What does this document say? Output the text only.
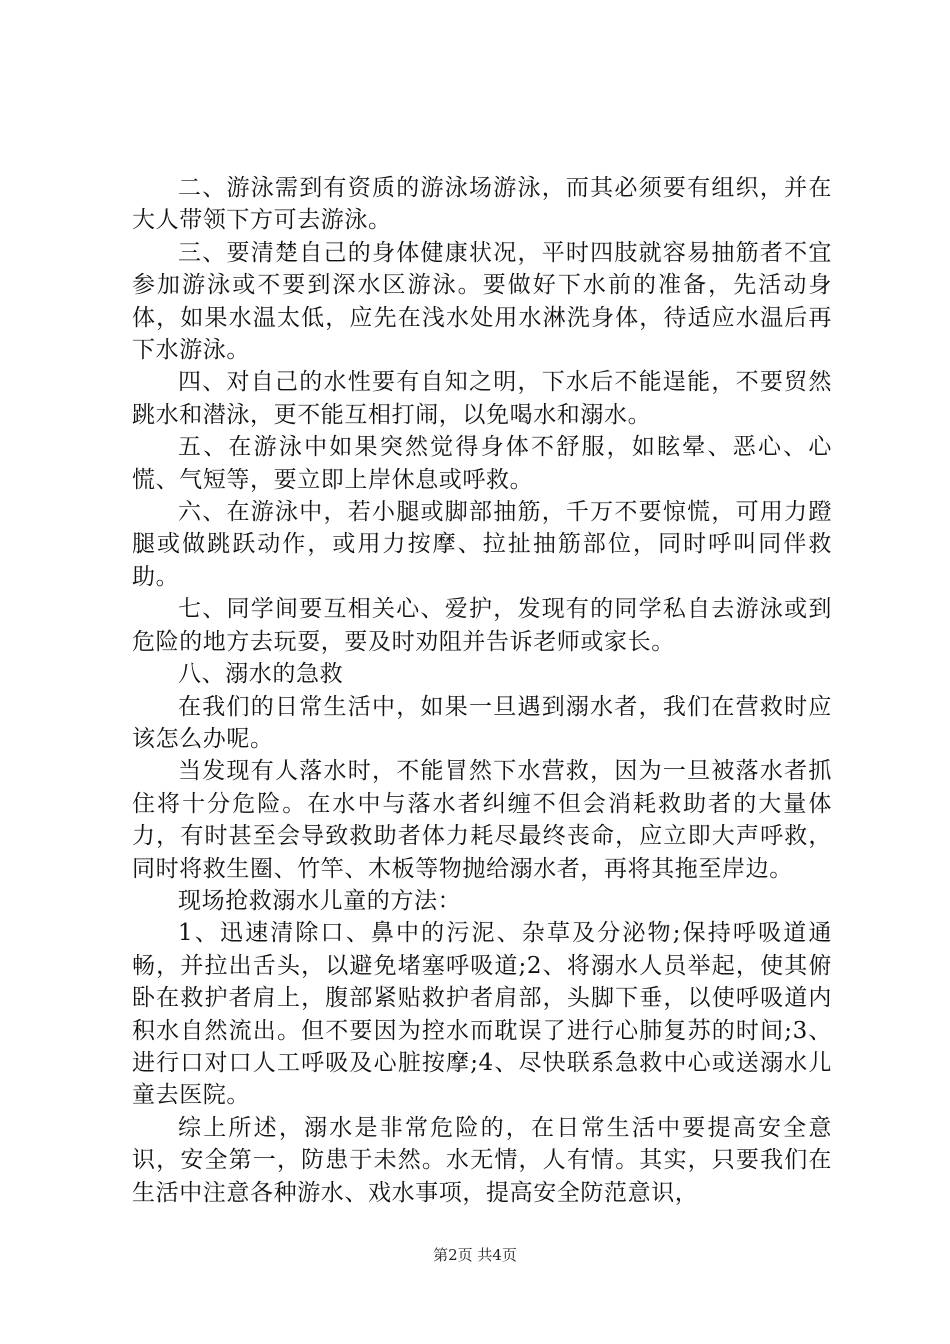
二、游泳需到有资质的游泳场游泳，而其必须要有组织，并在大人带领下方可去游泳。

三、要清楚自己的身体健康状况，平时四肢就容易抽筋者不宜参加游泳或不要到深水区游泳。要做好下水前的准备，先活动身体，如果水温太低，应先在浅水处用水淋洗身体，待适应水温后再下水游泳。

四、对自己的水性要有自知之明，下水后不能逞能，不要贸然跳水和潜泳，更不能互相打闹，以免喝水和溺水。

五、在游泳中如果突然觉得身体不舒服，如眩晕、恶心、心慌、气短等，要立即上岸休息或呼救。

六、在游泳中，若小腿或脚部抽筋，千万不要惊慌，可用力蹬腿或做跳跃动作，或用力按摩、拉扯抽筋部位，同时呼叫同伴救助。

七、同学间要互相关心、爱护，发现有的同学私自去游泳或到危险的地方去玩耍，要及时劝阻并告诉老师或家长。

八、溺水的急救

在我们的日常生活中，如果一旦遇到溺水者，我们在营救时应该怎么办呢。

当发现有人落水时，不能冒然下水营救，因为一旦被落水者抓住将十分危险。在水中与落水者纠缠不但会消耗救助者的大量体力，有时甚至会导致救助者体力耗尽最终丧命，应立即大声呼救，同时将救生圈、竹竿、木板等物抛给溺水者，再将其拖至岸边。

现场抢救溺水儿童的方法：

1、迅速清除口、鼻中的污泥、杂草及分泌物;保持呼吸道通畅，并拉出舌头，以避免堵塞呼吸道;2、将溺水人员举起，使其俯卧在救护者肩上，腹部紧贴救护者肩部，头脚下垂，以使呼吸道内积水自然流出。但不要因为控水而耽误了进行心肺复苏的时间;3、进行口对口人工呼吸及心脏按摩;4、尽快联系急救中心或送溺水儿童去医院。

综上所述，溺水是非常危险的，在日常生活中要提高安全意识，安全第一，防患于未然。水无情，人有情。其实，只要我们在生活中注意各种游水、戏水事项，提高安全防范意识，

第2页 共4页
